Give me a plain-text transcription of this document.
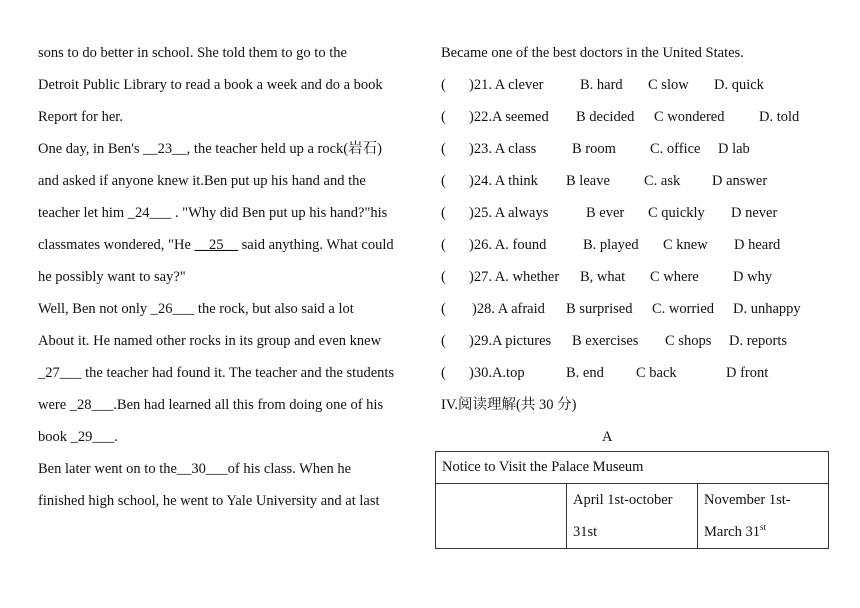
sons to do better in school. She told them to go to the
Detroit Public Library to read a book a week and do a book
Report for her.
One day, in Ben's __23__, the teacher held up a rock(岩石)
and asked if anyone knew it.Ben put up his hand and the
teacher let him _24___ . "Why did Ben put up his hand?"his
classmates wondered, "He __25__ said anything. What could
he possibly want to say?"
Well, Ben not only _26___ the rock, but also said a lot
About it. He named other rocks in its group and even knew
_27___ the teacher had found it. The teacher and the students
were _28___.Ben had learned all this from doing one of his
book _29___.
Ben later went on to the__30___of his class. When he
finished high school, he went to Yale University and at last
Became one of the best doctors in the United States.
( )21. A clever	B. hard C slow D. quick
( )22.A seemed B decided C wondered D. told
( )23. A class B room C. office D lab
( )24. A think B leave C. ask D answer
( )25. A always	B ever C quickly D never
( )26. A. found	B. played C knew D heard
( )27. A. whether B, what C where D why
( )28. A afraid B surprised C. worried D. unhappy
( )29.A pictures B exercises C shops D. reports
( )30.A.top	B. end C back	D front
IV.阅读理解(共 30 分)
A
Notice to Visit the Palace Museum
	April 1st-october
31st	November 1st-
March 31st
